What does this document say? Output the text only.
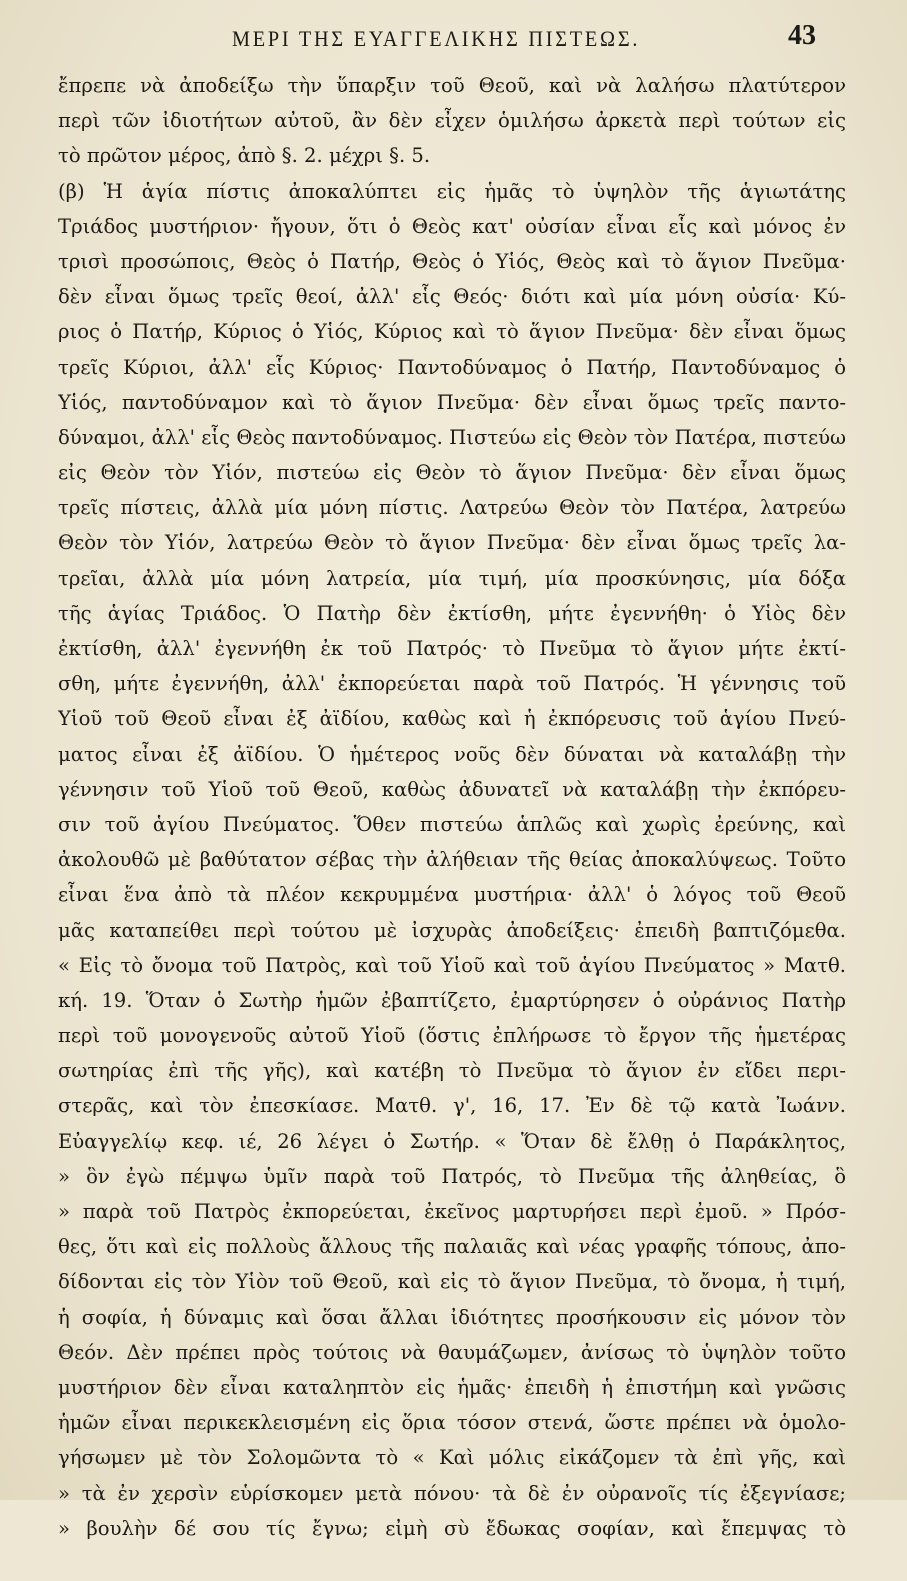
ΜΕΡΙ ΤΗΣ ΕΥΑΓΓΕΛΙΚΗΣ ΠΙΣΤΕΩΣ.	43
ἔπρεπε νὰ ἀποδείξω τὴν ὕπαρξιν τοῦ Θεοῦ, καὶ νὰ λαλήσω πλατύτερον
περὶ τῶν ἰδιοτήτων αὐτοῦ, ἂν δὲν εἶχεν ὁμιλήσω ἀρκετὰ περὶ τούτων εἰς
τὸ πρῶτον μέρος, ἀπὸ §. 2. μέχρι §. 5.
(β) Ἡ ἁγία πίστις ἀποκαλύπτει εἰς ἡμᾶς τὸ ὑψηλὸν τῆς ἁγιωτάτης
Τριάδος μυστήριον· ἤγουν, ὅτι ὁ Θεὸς κατ' οὐσίαν εἶναι εἷς καὶ μόνος ἐν
τρισὶ προσώποις, Θεὸς ὁ Πατήρ, Θεὸς ὁ Υἱός, Θεὸς καὶ τὸ ἅγιον Πνεῦμα·
δὲν εἶναι ὅμως τρεῖς θεοί, ἀλλ' εἷς Θεός· διότι καὶ μία μόνη οὐσία· Κύ-
ριος ὁ Πατήρ, Κύριος ὁ Υἱός, Κύριος καὶ τὸ ἅγιον Πνεῦμα· δὲν εἶναι ὅμως
τρεῖς Κύριοι, ἀλλ' εἷς Κύριος· Παντοδύναμος ὁ Πατήρ, Παντοδύναμος ὁ
Υἱός, παντοδύναμον καὶ τὸ ἅγιον Πνεῦμα· δὲν εἶναι ὅμως τρεῖς παντο-
δύναμοι, ἀλλ' εἷς Θεὸς παντοδύναμος. Πιστεύω εἰς Θεὸν τὸν Πατέρα, πιστεύω
εἰς Θεὸν τὸν Υἱόν, πιστεύω εἰς Θεὸν τὸ ἅγιον Πνεῦμα· δὲν εἶναι ὅμως
τρεῖς πίστεις, ἀλλὰ μία μόνη πίστις. Λατρεύω Θεὸν τὸν Πατέρα, λατρεύω
Θεὸν τὸν Υἱόν, λατρεύω Θεὸν τὸ ἅγιον Πνεῦμα· δὲν εἶναι ὅμως τρεῖς λα-
τρεῖαι, ἀλλὰ μία μόνη λατρεία, μία τιμή, μία προσκύνησις, μία δόξα
τῆς ἁγίας Τριάδος. Ὁ Πατὴρ δὲν ἐκτίσθη, μήτε ἐγεννήθη· ὁ Υἱὸς δὲν
ἐκτίσθη, ἀλλ' ἐγεννήθη ἐκ τοῦ Πατρός· τὸ Πνεῦμα τὸ ἅγιον μήτε ἐκτί-
σθη, μήτε ἐγεννήθη, ἀλλ' ἐκπορεύεται παρὰ τοῦ Πατρός. Ἡ γέννησις τοῦ
Υἱοῦ τοῦ Θεοῦ εἶναι ἐξ ἀϊδίου, καθὼς καὶ ἡ ἐκπόρευσις τοῦ ἁγίου Πνεύ-
ματος εἶναι ἐξ ἀϊδίου. Ὁ ἡμέτερος νοῦς δὲν δύναται νὰ καταλάβῃ τὴν
γέννησιν τοῦ Υἱοῦ τοῦ Θεοῦ, καθὼς ἀδυνατεῖ νὰ καταλάβῃ τὴν ἐκπόρευ-
σιν τοῦ ἁγίου Πνεύματος. Ὅθεν πιστεύω ἁπλῶς καὶ χωρὶς ἐρεύνης, καὶ
ἀκολουθῶ μὲ βαθύτατον σέβας τὴν ἀλήθειαν τῆς θείας ἀποκαλύψεως. Τοῦτο
εἶναι ἕνα ἀπὸ τὰ πλέον κεκρυμμένα μυστήρια· ἀλλ' ὁ λόγος τοῦ Θεοῦ
μᾶς καταπείθει περὶ τούτου μὲ ἰσχυρὰς ἀποδείξεις· ἐπειδὴ βαπτιζόμεθα.
« Εἰς τὸ ὄνομα τοῦ Πατρὸς, καὶ τοῦ Υἱοῦ καὶ τοῦ ἁγίου Πνεύματος » Ματθ.
κή. 19. Ὅταν ὁ Σωτὴρ ἡμῶν ἐβαπτίζετο, ἐμαρτύρησεν ὁ οὐράνιος Πατὴρ
περὶ τοῦ μονογενοῦς αὐτοῦ Υἱοῦ (ὅστις ἐπλήρωσε τὸ ἔργον τῆς ἡμετέρας
σωτηρίας ἐπὶ τῆς γῆς), καὶ κατέβη τὸ Πνεῦμα τὸ ἅγιον ἐν εἴδει περι-
στερᾶς, καὶ τὸν ἐπεσκίασε. Ματθ. γ', 16, 17. Ἐν δὲ τῷ κατὰ Ἰωάνν.
Εὐαγγελίῳ κεφ. ιέ, 26 λέγει ὁ Σωτήρ. « Ὅταν δὲ ἔλθῃ ὁ Παράκλητος,
» ὃν ἐγὼ πέμψω ὑμῖν παρὰ τοῦ Πατρός, τὸ Πνεῦμα τῆς ἀληθείας, ὃ
» παρὰ τοῦ Πατρὸς ἐκπορεύεται, ἐκεῖνος μαρτυρήσει περὶ ἐμοῦ. » Πρόσ-
θες, ὅτι καὶ εἰς πολλοὺς ἄλλους τῆς παλαιᾶς καὶ νέας γραφῆς τόπους, ἀπο-
δίδονται εἰς τὸν Υἱὸν τοῦ Θεοῦ, καὶ εἰς τὸ ἅγιον Πνεῦμα, τὸ ὄνομα, ἡ τιμή,
ἡ σοφία, ἡ δύναμις καὶ ὅσαι ἄλλαι ἰδιότητες προσήκουσιν εἰς μόνον τὸν
Θεόν. Δὲν πρέπει πρὸς τούτοις νὰ θαυμάζωμεν, ἀνίσως τὸ ὑψηλὸν τοῦτο
μυστήριον δὲν εἶναι καταληπτὸν εἰς ἡμᾶς· ἐπειδὴ ἡ ἐπιστήμη καὶ γνῶσις
ἡμῶν εἶναι περικεκλεισμένη εἰς ὅρια τόσον στενά, ὥστε πρέπει νὰ ὁμολο-
γήσωμεν μὲ τὸν Σολομῶντα τὸ « Καὶ μόλις εἰκάζομεν τὰ ἐπὶ γῆς, καὶ
» τὰ ἐν χερσὶν εὑρίσκομεν μετὰ πόνου· τὰ δὲ ἐν οὐρανοῖς τίς ἐξεγνίασε;
» βουλὴν δέ σου τίς ἔγνω; εἰμὴ σὺ ἔδωκας σοφίαν, καὶ ἔπεμψας τὸ
